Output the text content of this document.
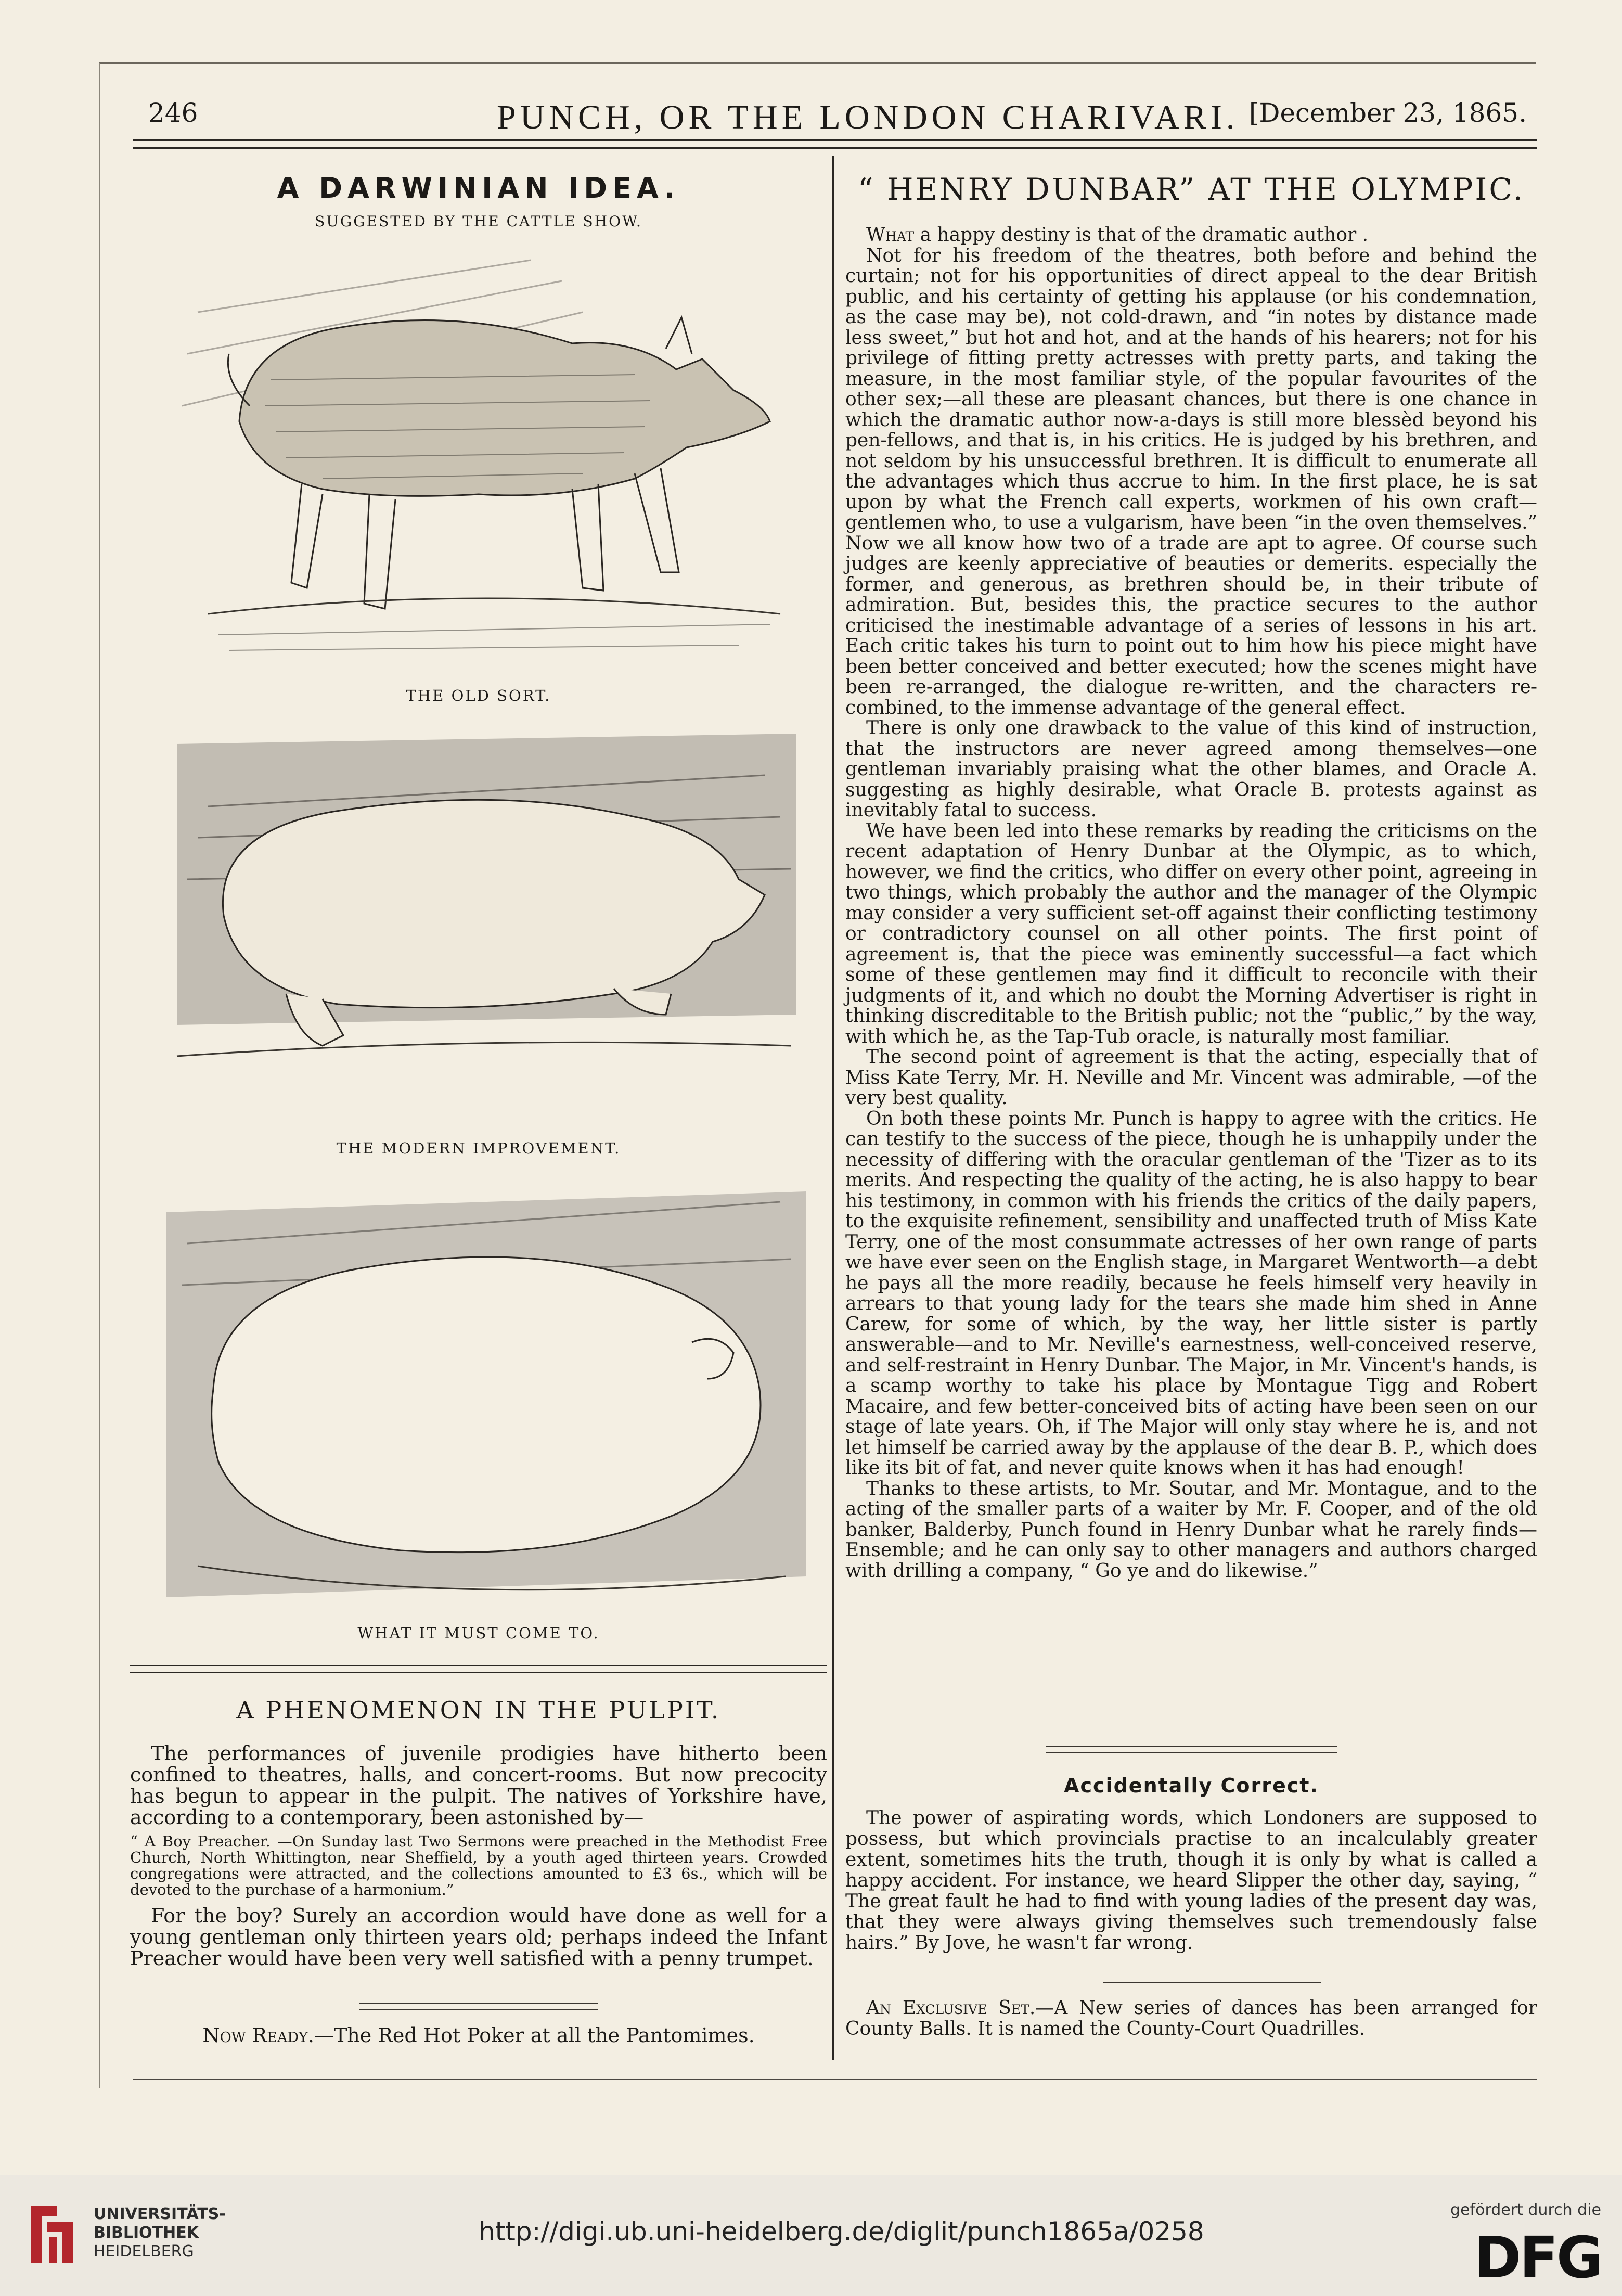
246	PUNCH, OR THE LONDON CHARIVARI. [December 23, 1865.
A DARWINIAN IDEA.
SUGGESTED BY THE CATTLE SHOW.
THE OLD SORT.
THE MODERN IMPROVEMENT.
WHAT IT MUST COME TO.
A PHENOMENON IN THE PULPIT.

The performances of juvenile prodigies have hitherto been confined to theatres, halls, and concert-rooms. But now precocity has begun to appear in the pulpit. The natives of Yorkshire have, according to a contemporary, been astonished by—

“ A Boy Preacher. —On Sunday last Two Sermons were preached in the Methodist Free Church, North Whittington, near Sheffield, by a youth aged thirteen years. Crowded congregations were attracted, and the collections amounted to £3 6s., which will be devoted to the purchase of a harmonium.”

For the boy? Surely an accordion would have done as well for a young gentleman only thirteen years old; perhaps indeed the Infant Preacher would have been very well satisfied with a penny trumpet.

Now Ready.—The Red Hot Poker at all the Pantomimes.
“ HENRY DUNBAR” AT THE OLYMPIC.

What a happy destiny is that of the dramatic author .

Not for his freedom of the theatres, both before and behind the curtain; not for his opportunities of direct appeal to the dear British public, and his certainty of getting his applause (or his condemnation, as the case may be), not cold-drawn, and “in notes by distance made less sweet,” but hot and hot, and at the hands of his hearers; not for his privilege of fitting pretty actresses with pretty parts, and taking the measure, in the most familiar style, of the popular favourites of the other sex;—all these are pleasant chances, but there is one chance in which the dramatic author now-a-days is still more blessèd beyond his pen-fellows, and that is, in his critics. He is judged by his brethren, and not seldom by his unsuccessful brethren. It is difficult to enumerate all the advantages which thus accrue to him. In the first place, he is sat upon by what the French call experts, workmen of his own craft—gentlemen who, to use a vulgarism, have been “in the oven themselves.” Now we all know how two of a trade are apt to agree. Of course such judges are keenly appreciative of beauties or demerits. especially the former, and generous, as brethren should be, in their tribute of admiration. But, besides this, the practice secures to the author criticised the inestimable advantage of a series of lessons in his art. Each critic takes his turn to point out to him how his piece might have been better conceived and better executed; how the scenes might have been re-arranged, the dialogue re-written, and the characters re-combined, to the immense advantage of the general effect.

There is only one drawback to the value of this kind of instruction, that the instructors are never agreed among themselves—one gentleman invariably praising what the other blames, and Oracle A. suggesting as highly desirable, what Oracle B. protests against as inevitably fatal to success.

We have been led into these remarks by reading the criticisms on the recent adaptation of Henry Dunbar at the Olympic, as to which, however, we find the critics, who differ on every other point, agreeing in two things, which probably the author and the manager of the Olympic may consider a very sufficient set-off against their conflicting testimony or contradictory counsel on all other points. The first point of agreement is, that the piece was eminently successful—a fact which some of these gentlemen may find it difficult to reconcile with their judgments of it, and which no doubt the Morning Advertiser is right in thinking discreditable to the British public; not the “public,” by the way, with which he, as the Tap-Tub oracle, is naturally most familiar.

The second point of agreement is that the acting, especially that of Miss Kate Terry, Mr. H. Neville and Mr. Vincent was admirable, —of the very best quality.

On both these points Mr. Punch is happy to agree with the critics. He can testify to the success of the piece, though he is unhappily under the necessity of differing with the oracular gentleman of the 'Tizer as to its merits. And respecting the quality of the acting, he is also happy to bear his testimony, in common with his friends the critics of the daily papers, to the exquisite refinement, sensibility and unaffected truth of Miss Kate Terry, one of the most consummate actresses of her own range of parts we have ever seen on the English stage, in Margaret Wentworth—a debt he pays all the more readily, because he feels himself very heavily in arrears to that young lady for the tears she made him shed in Anne Carew, for some of which, by the way, her little sister is partly answerable—and to Mr. Neville's earnestness, well-conceived reserve, and self-restraint in Henry Dunbar. The Major, in Mr. Vincent's hands, is a scamp worthy to take his place by Montague Tigg and Robert Macaire, and few better-conceived bits of acting have been seen on our stage of late years. Oh, if The Major will only stay where he is, and not let himself be carried away by the applause of the dear B. P., which does like its bit of fat, and never quite knows when it has had enough!

Thanks to these artists, to Mr. Soutar, and Mr. Montague, and to the acting of the smaller parts of a waiter by Mr. F. Cooper, and of the old banker, Balderby, Punch found in Henry Dunbar what he rarely finds—Ensemble; and he can only say to other managers and authors charged with drilling a company, “ Go ye and do likewise.”

Accidentally Correct.

The power of aspirating words, which Londoners are supposed to possess, but which provincials practise to an incalculably greater extent, sometimes hits the truth, though it is only by what is called a happy accident. For instance, we heard Slipper the other day, saying, “ The great fault he had to find with young ladies of the present day was, that they were always giving themselves such tremendously false hairs.” By Jove, he wasn't far wrong.

An Exclusive Set.—A New series of dances has been arranged for County Balls. It is named the County-Court Quadrilles.

UNIVERSITÄTS-
BIBLIOTHEK
HEIDELBERG
http://digi.ub.uni-heidelberg.de/diglit/punch1865a/0258
gefördert durch die
DFG
